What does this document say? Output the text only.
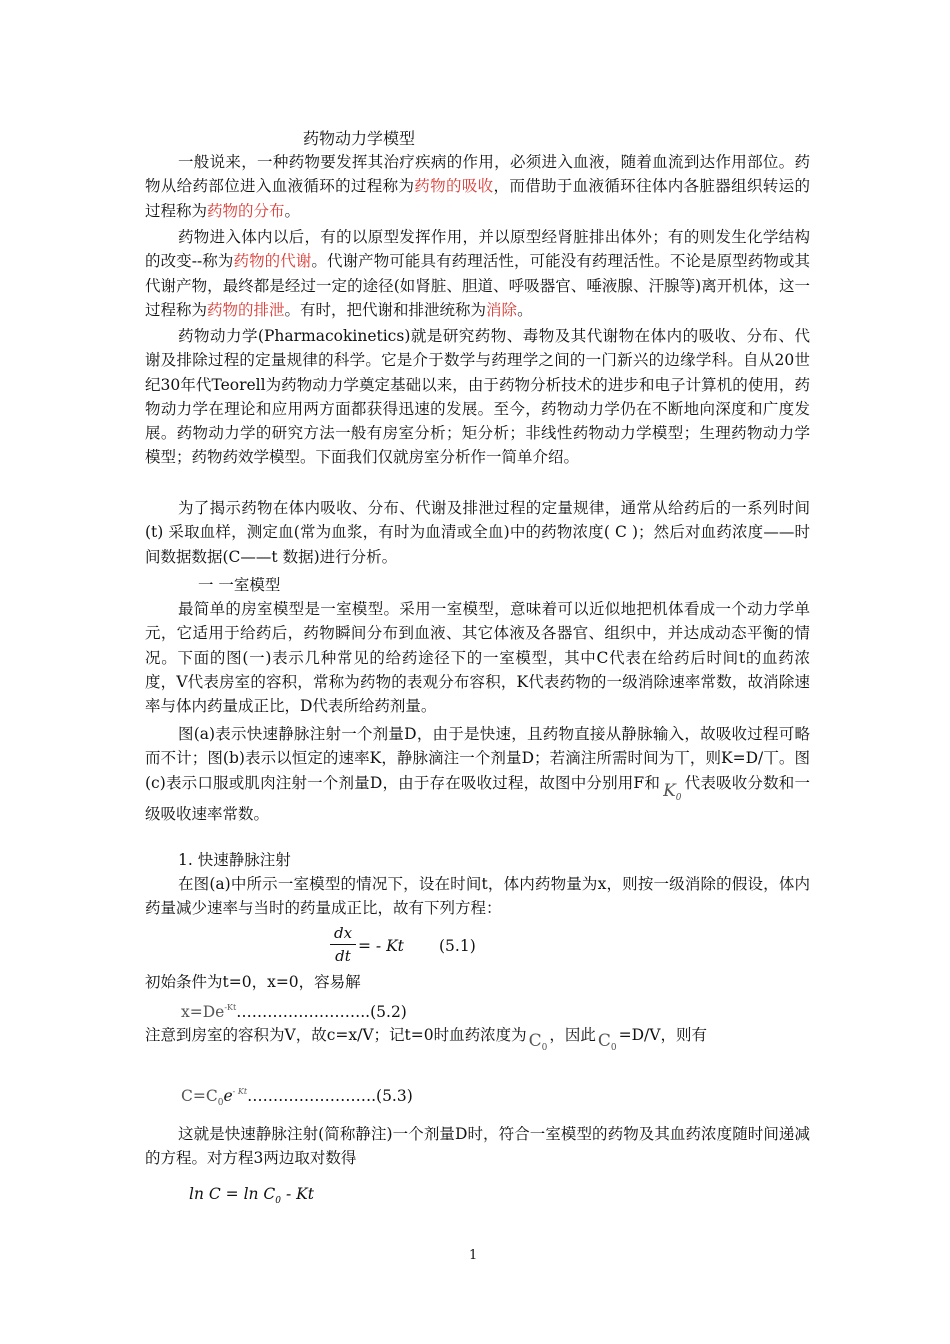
药物动力学模型

一般说来，一种药物要发挥其治疗疾病的作用，必须进入血液，随着血流到达作用部位。药物从给药部位进入血液循环的过程称为药物的吸收，而借助于血液循环往体内各脏器组织转运的过程称为药物的分布。

药物进入体内以后，有的以原型发挥作用，并以原型经肾脏排出体外；有的则发生化学结构的改变--称为药物的代谢。代谢产物可能具有药理活性，可能没有药理活性。不论是原型药物或其代谢产物，最终都是经过一定的途径(如肾脏、胆道、呼吸器官、唾液腺、汗腺等)离开机体，这一过程称为药物的排泄。有时，把代谢和排泄统称为消除。

药物动力学(Pharmacokinetics)就是研究药物、毒物及其代谢物在体内的吸收、分布、代谢及排除过程的定量规律的科学。它是介于数学与药理学之间的一门新兴的边缘学科。自从20世纪30年代Teorell为药物动力学奠定基础以来，由于药物分析技术的进步和电子计算机的使用，药物动力学在理论和应用两方面都获得迅速的发展。至今，药物动力学仍在不断地向深度和广度发展。药物动力学的研究方法一般有房室分析；矩分析；非线性药物动力学模型；生理药物动力学模型；药物药效学模型。下面我们仅就房室分析作一简单介绍。

为了揭示药物在体内吸收、分布、代谢及排泄过程的定量规律，通常从给药后的一系列时间 (t) 采取血样，测定血(常为血浆，有时为血清或全血)中的药物浓度( C )；然后对血药浓度——时间数据数据(C——t 数据)进行分析。

一 一室模型

最简单的房室模型是一室模型。采用一室模型，意味着可以近似地把机体看成一个动力学单元，它适用于给药后，药物瞬间分布到血液、其它体液及各器官、组织中，并达成动态平衡的情况。下面的图(一)表示几种常见的给药途径下的一室模型，其中C代表在给药后时间t的血药浓度，V代表房室的容积，常称为药物的表观分布容积，K代表药物的一级消除速率常数，故消除速率与体内药量成正比，D代表所给药剂量。

图(a)表示快速静脉注射一个剂量D，由于是快速，且药物直接从静脉输入，故吸收过程可略而不计；图(b)表示以恒定的速率K，静脉滴注一个剂量D；若滴注所需时间为丅，则K=D/丅。图(c)表示口服或肌肉注射一个剂量D，由于存在吸收过程，故图中分别用F和 $K_0$代表吸收分数和一级吸收速率常数。

1. 快速静脉注射

在图(a)中所示一室模型的情况下，设在时间t，体内药物量为x，则按一级消除的假设，体内药量减少速率与当时的药量成正比，故有下列方程：

dx
dt
= - Kt (5.1)
初始条件为t=0，x=0，容易解
$x=De^{-Kt}\dots\dots\dots\dots\dots\dots\dots\dots..(5.2)$
注意到房室的容积为V，故c=x/V；记t=0时血药浓度为 $C_0$，因此 $C_0=D/V$，则有
$C=C_0e^{- Kt}\dots\dots\dots\dots\dots\dots\dots\dots.(5.3)$

这就是快速静脉注射(简称静注)一个剂量D时，符合一室模型的药物及其血药浓度随时间递减的方程。对方程3两边取对数得

$\ln C = \ln C_0 - Kt$
1
